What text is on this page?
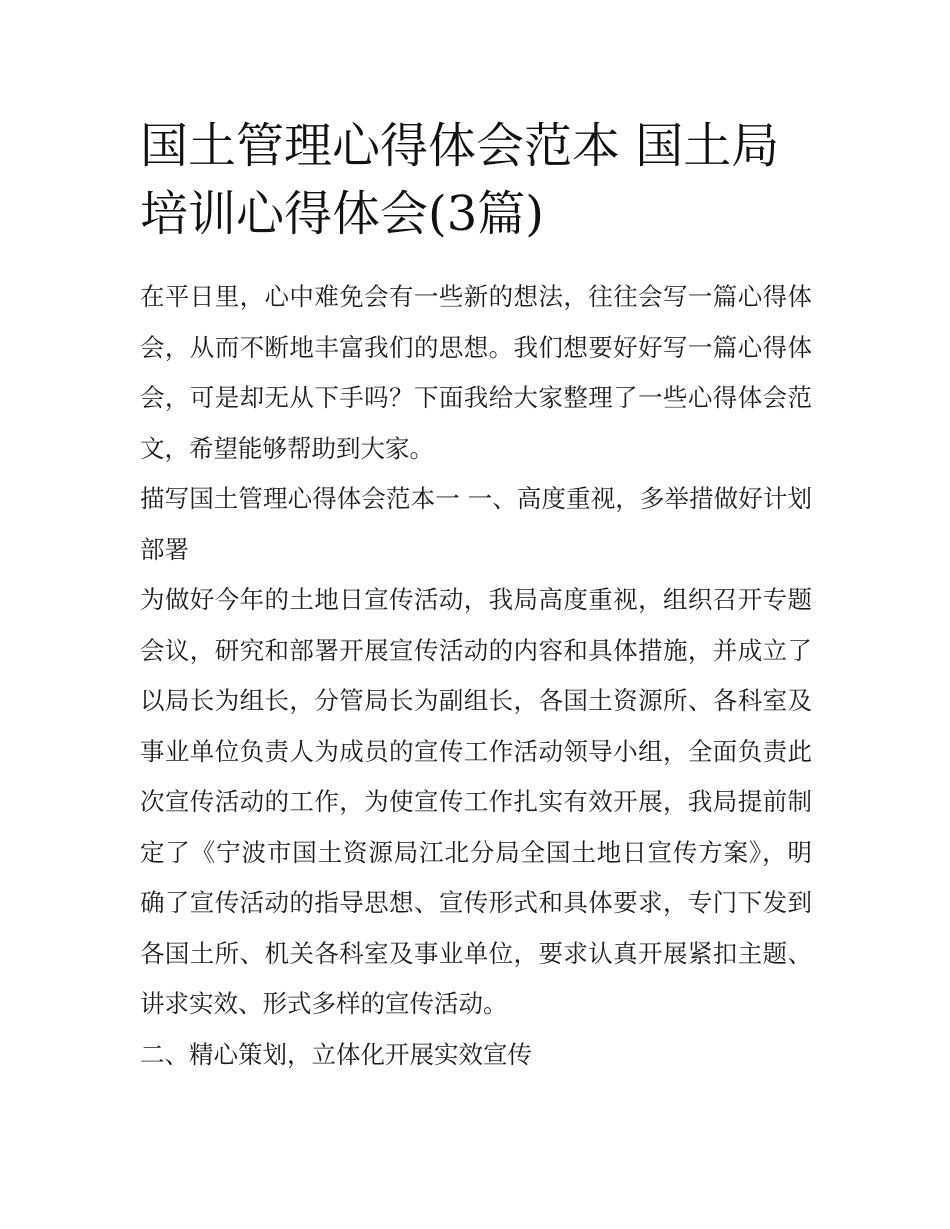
国土管理心得体会范本 国土局培训心得体会(3篇)

在平日里，心中难免会有一些新的想法，往往会写一篇心得体会，从而不断地丰富我们的思想。我们想要好好写一篇心得体会，可是却无从下手吗？下面我给大家整理了一些心得体会范文，希望能够帮助到大家。

描写国土管理心得体会范本一 一、高度重视，多举措做好计划部署

为做好今年的土地日宣传活动，我局高度重视，组织召开专题会议，研究和部署开展宣传活动的内容和具体措施，并成立了以局长为组长，分管局长为副组长，各国土资源所、各科室及事业单位负责人为成员的宣传工作活动领导小组，全面负责此次宣传活动的工作，为使宣传工作扎实有效开展，我局提前制定了《宁波市国土资源局江北分局全国土地日宣传方案》，明确了宣传活动的指导思想、宣传形式和具体要求，专门下发到各国土所、机关各科室及事业单位，要求认真开展紧扣主题、讲求实效、形式多样的宣传活动。

二、精心策划，立体化开展实效宣传
